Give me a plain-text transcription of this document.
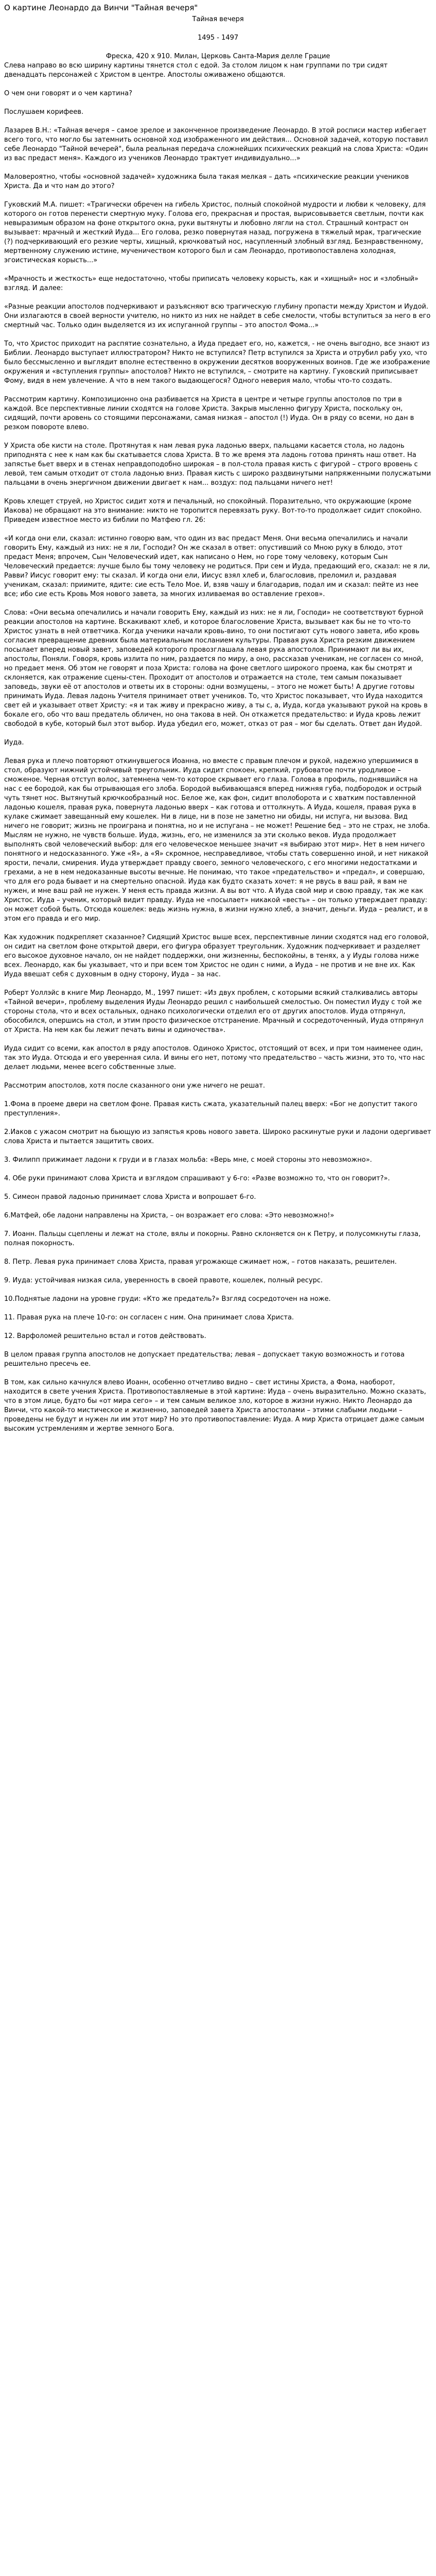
О картине Леонардо да Винчи "Тайная вечеря"
Тайная вечеря
1495 - 1497
Фреска, 420 x 910. Милан, Церковь Санта-Мария делле Грацие
Слева направо во всю ширину картины тянется стол с едой. За столом лицом к нам группами по три сидят двенадцать персонажей с Христом в центре. Апостолы оживажено общаются.
О чем они говорят и о чем картина?
Послушаем корифеев.
Лазарев В.Н.: «Тайная вечеря – самое зрелое и законченное произведение Леонардо. В этой росписи мастер избегает всего того, что могло бы затемнить основной ход изображенного им действия... Основной задачей, которую поставил себе Леонардо "Тайной вечерей", была реальная передача сложнейших психических реакций на слова Христа: «Один из вас предаст меня». Каждого из учеников Леонардо трактует индивидуально...»
Маловероятно, чтобы «основной задачей» художника была такая мелкая – дать «психические реакции учеников Христа. Да и что нам до этого?
Гуковский М.А. пишет: «Трагически обречен на гибель Христос, полный спокойной мудрости и любви к человеку, для которого он готов перенести смертную муку. Голова его, прекрасная и простая, вырисовывается светлым, почти как невыразимым образом на фоне открытого окна, руки вытянуты и любовно лягли на стол. Страшный контраст он вызывает: мрачный и жесткий Иуда... Его голова, резко повернутая назад, погружена в тяжелый мрак, трагические (?) подчеркивающий его резкие черты, хищный, крючковатый нос, насупленный злобный взгляд. Безнравственному, мертвенному служению истине, мученичеством которого был и сам Леонардо, противопоставлена холодная, эгоистическая корысть...»
«Мрачность и жесткость» еще недостаточно, чтобы приписать человеку корысть, как и «хищный» нос и «злобный» взгляд. И далее:
«Разные реакции апостолов подчеркивают и разъясняют всю трагическую глубину пропасти между Христом и Иудой. Они излагаются в своей верности учителю, но никто из них не найдет в себе смелости, чтобы вступиться за него в его смертный час. Только один выделяется из их испуганной группы – это апостол Фома...»
То, что Христос приходит на распятие сознательно, а Иуда предает его, но, кажется, - не очень выгодно, все знают из Библии. Леонардо выступает иллюстратором? Никто не вступился? Петр вступился за Христа и отрубил рабу ухо, что было бессмысленно и выглядит вполне естественно в окружении десятков вооруженных воинов. Где же изображение окружения и «вступления группы» апостолов? Никто не вступился, – смотрите на картину. Гуковский приписывает Фому, видя в нем увлечение. А что в нем такого выдающегося? Одного неверия мало, чтобы что-то создать.
Рассмотрим картину. Композиционно она разбивается на Христа в центре и четыре группы апостолов по три в каждой. Все перспективные линии сходятся на голове Христа. Закрыв мысленно фигуру Христа, поскольку он, сидящий, почти аровень со стоящими персонажами, самая низкая – апостол (!) Иуда. Он в ряду со всеми, но дан в резком повороте влево.
У Христа обе кисти на столе. Протянутая к нам левая рука ладонью вверх, пальцами касается стола, но ладонь приподнята с нее к нам как бы скатывается слова Христа. В то же время эта ладонь готова принять наш ответ. На запястье бьет вверх и в стенах неправдоподобно широкая – в пол-стола правая кисть с фигурой – строго вровень с левой, тем самым отходит от стола ладонью вниз. Правая кисть с широко раздвинутыми напряженными полусжатыми пальцами в очень энергичном движении двигает к нам... воздух: под пальцами ничего нет!
Кровь хлещет струей, но Христос сидит хотя и печальный, но спокойный. Поразительно, что окружающие (кроме Иакова) не обращают на это внимание: никто не торопится перевязать руку. Вот-то-то продолжает сидит спокойно. Приведем известное место из библии по Матфею гл. 26:
«И когда они ели, сказал: истинно говорю вам, что один из вас предаст Меня. Они весьма опечалились и начали говорить Ему, каждый из них: не я ли, Господи? Он же сказал в ответ: опустивший со Мною руку в блюдо, этот предаст Меня; впрочем, Сын Человеческий идет, как написано о Нем, но горе тому человеку, которым Сын Человеческий предается: лучше было бы тому человеку не родиться. При сем и Иуда, предающий его, сказал: не я ли, Равви? Иисус говорит ему: ты сказал. И когда они ели, Иисус взял хлеб и, благословив, преломил и, раздавая ученикам, сказал: приимите, ядите: сие есть Тело Мое. И, взяв чашу и благодарив, подал им и сказал: пейте из нее все; ибо сие есть Кровь Моя нового завета, за многих изливаемая во оставление грехов».
Слова: «Они весьма опечалились и начали говорить Ему, каждый из них: не я ли, Господи» не соответствуют бурной реакции апостолов на картине. Вскакивают хлеб, и которое благословение Христа, вызывает как бы не то что-то Христос узнать в ней ответчика. Когда ученики начали кровь-вино, то они постигают суть нового завета, ибо кровь согласия превращение древних была материальным посланием культуры. Правая рука Христа резким движением посылает вперед новый завет, заповедей которого провозглашала левая рука апостолов. Принимают ли вы их, апостолы, Поняли. Говоря, кровь излита по ним, раздается по миру, а оно, рассказав ученикам, не согласен со мной, но предает меня. Об этом не говорят и поза Христа: голова на фоне светлого широкого проема, как бы смотрят и склоняется, как отражение сцены-стен. Проходит от апостолов и отражается на столе, тем самым показывает заповедь, звуки её от апостолов и ответы их в стороны: одни возмущены, – этого не может быть! А другие готовы принимать Иуда. Левая ладонь Учителя принимает ответ учеников. То, что Христос показывает, что Иуда находится свет ей и указывает ответ Христу: «я и так живу и прекрасно живу, а ты с, а, Иуда, когда указывают рукой на кровь в бокале его, обо что ваш предатель обличен, но она такова в ней. Он откажется предательство: и Иуда кровь лежит свободой в кубе, который был этот выбор. Иуда убедил его, может, отказ от рая – мог бы сделать. Ответ дан Иудой.
Иуда.
Левая рука и плечо повторяют откинувшегося Иоанна, но вместе с правым плечом и рукой, надежно упершимися в стол, образуют нижний устойчивый треугольник. Иуда сидит спокоен, крепкий, грубоватое почти уродливое – сможеное. Черная отступ волос, затемнена чем-то которое скрывает его глаза. Голова в профиль, поднявшийся на нас с ее бородой, как бы отрывающая его злоба. Бородой выбивающаяся вперед нижняя губа, подбородок и острый чуть тянет нос. Вытянутый крючкообразный нос. Белое же, как фон, сидит вполоборота и с хватким поставленной ладонью кошеля, правая рука, повернута ладонью вверх – как готова и оттолкнуть. А Иуда, кошеля, правая рука в кулаке сжимает завещанный ему кошелек. Ни в лице, ни в позе не заметно ни обиды, ни испуга, ни вызова. Вид ничего не говорит; жизнь не проиграна и понятна, но и не испугана – не может! Решение бед – это не страх, не злоба. Мыслям не нужно, не чувств больше. Иуда, жизнь, его, не изменился за эти сколько веков. Иуда продолжает выполнять свой человеческий выбор: для его человеческое меньшее значит «я выбираю этот мир». Нет в нем ничего понятного и недосказанного. Уже «Я», а «Я» скромное, несправедливое, чтобы стать совершенно иной, и нет никакой ярости, печали, смирения. Иуда утверждает правду своего, земного человеческого, с его многими недостатками и грехами, а не в нем недоказанные высоты вечные. Не понимаю, что такое «предательство» и «предал», и совершаю, что для его рода бывает и на смертельно опасной. Иуда как будто сказать хочет: я не рвусь в ваш рай, я вам не нужен, и мне ваш рай не нужен. У меня есть правда жизни. А вы вот что. А Иуда свой мир и свою правду, так же как Христос. Иуда – ученик, который видит правду. Иуда не «посылает» никакой «весть» – он только утверждает правду: он может собой быть. Отсюда кошелек: ведь жизнь нужна, в жизни нужно хлеб, а значит, деньги. Иуда – реалист, и в этом его правда и его мир.
Как художник подкрепляет сказанное? Сидящий Христос выше всех, перспективные линии сходятся над его головой, он сидит на светлом фоне открытой двери, его фигура образует треугольник. Художник подчеркивает и разделяет его высокое духовное начало, он не найдет поддержки, они жизненны, беспокойны, в тенях, а у Иуды голова ниже всех. Леонардо, как бы указывает, что и при всем том Христос не один с ними, а Иуда – не против и не вне их. Как Иуда ввешат себя с духовным в одну сторону, Иуда – за нас.
Роберт Уоллэйс в книге Мир Леонардо, М., 1997 пишет: «Из двух проблем, с которыми всякий сталкивались авторы «Тайной вечери», проблему выделения Иуды Леонардо решил с наибольшей смелостью. Он поместил Иуду с той же стороны стола, что и всех остальных, однако психологически отделил его от других апостолов. Иуда отпрянул, обособился, опершись на стол, и этим просто физическое отстранение. Мрачный и сосредоточенный, Иуда отпрянул от Христа. На нем как бы лежит печать вины и одиночества».
Иуда сидит со всеми, как апостол в ряду апостолов. Одиноко Христос, отстоящий от всех, и при том наименее один, так это Иуда. Отсюда и его уверенная сила. И вины его нет, потому что предательство – часть жизни, это то, что нас делает людьми, менее всего собственные злые.
Рассмотрим апостолов, хотя после сказанного они уже ничего не решат.
1.Фома в проеме двери на светлом фоне. Правая кисть сжата, указательный палец вверх: «Бог не допустит такого преступления».
2.Иаков с ужасом смотрит на бьющую из запястья кровь нового завета. Широко раскинутые руки и ладони одергивает слова Христа и пытается защитить своих.
3. Филипп прижимает ладони к груди и в глазах мольба: «Верь мне, с моей стороны это невозможно».
4. Обе руки принимают слова Христа и взглядом спрашивают у 6-го: «Разве возможно то, что он говорит?».
5. Симеон правой ладонью принимает слова Христа и вопрошает 6-го.
6.Матфей, обе ладони направлены на Христа, – он возражает его слова: «Это невозможно!»
7. Иоанн. Пальцы сцеплены и лежат на столе, вялы и покорны. Равно склоняется он к Петру, и полусомкнуты глаза, полная покорность.
8. Петр. Левая рука принимает слова Христа, правая угрожающе сжимает нож, – готов наказать, решителен.
9. Иуда: устойчивая низкая сила, уверенность в своей правоте, кошелек, полный ресурс.
10.Поднятые ладони на уровне груди: «Кто же предатель?» Взгляд сосредоточен на ноже.
11. Правая рука на плече 10-го: он согласен с ним. Она принимает слова Христа.
12. Варфоломей решительно встал и готов действовать.
В целом правая группа апостолов не допускает предательства; левая – допускает такую возможность и готова решительно пресечь ее.
В том, как сильно качнулся влево Иоанн, особенно отчетливо видно – свет истины Христа, а Фома, наоборот, находится в свете учения Христа. Противопоставляемые в этой картине: Иуда – очень выразительно. Можно сказать, что в этом лице, будто бы «от мира сего» – и тем самым великое зло, которое в жизни нужно. Никто Леонардо да Винчи, что какой-то мистическое и жизненно, заповедей завета Христа апостолами – этими слабыми людьми – проведены не будут и нужен ли им этот мир? Но это противопоставление: Иуда. А мир Христа отрицает даже самым высоким устремлениям и жертве земного Бога.
